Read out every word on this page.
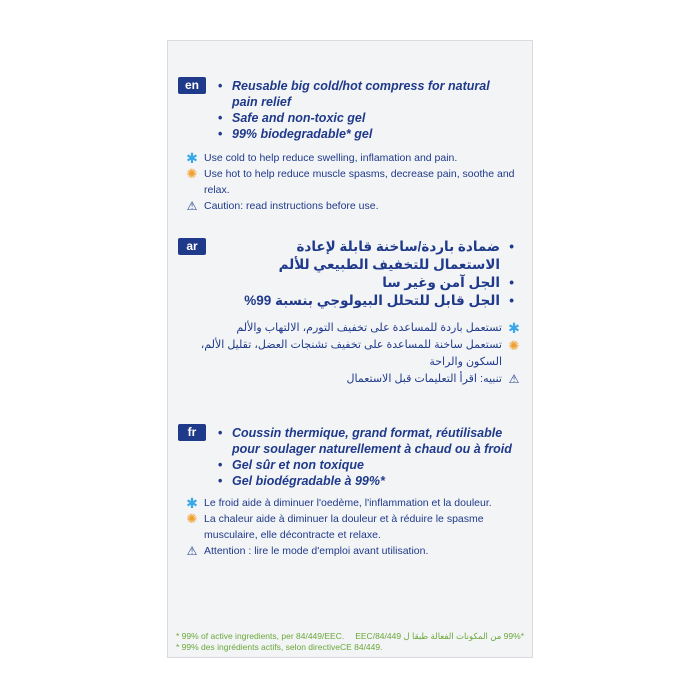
en	• Reusable big cold/hot compress for natural pain relief
• Safe and non-toxic gel
• 99% biodegradable* gel
✱ Use cold to help reduce swelling, inflamation and pain.
✺ Use hot to help reduce muscle spasms, decrease pain, soothe and relax.
⚠ Caution: read instructions before use.
ar	• ضمادة باردة/ساخنة قابلة لإعادة الاستعمال للتخفيف الطبيعي للألم
• الجل آمن وغير سا
• الجل قابل للتحلل البيولوجي بنسبة 99%
✱
تستعمل باردة للمساعدة على تخفيف التورم، الالتهاب والألم
✺
تستعمل ساخنة للمساعدة على تخفيف تشنجات العضل، تقليل الألم، السكون والراحة
⚠
تنبيه: اقرأ التعليمات قبل الاستعمال
fr	• Coussin thermique, grand format, réutilisable pour soulager naturellement à chaud ou à froid
• Gel sûr et non toxique
• Gel biodégradable à 99%*
✱ Le froid aide à diminuer l'oedème, l'inflammation et la douleur.
✺ La chaleur aide à diminuer la douleur et à réduire le spasme musculaire, elle décontracte et relaxe.
⚠ Attention : lire le mode d'emploi avant utilisation.
* 99% of active ingredients, per 84/449/EEC. *99% من المكونات الفعالة طبقا ل 84/449/EEC
* 99% des ingrédients actifs, selon directiveCE 84/449.
